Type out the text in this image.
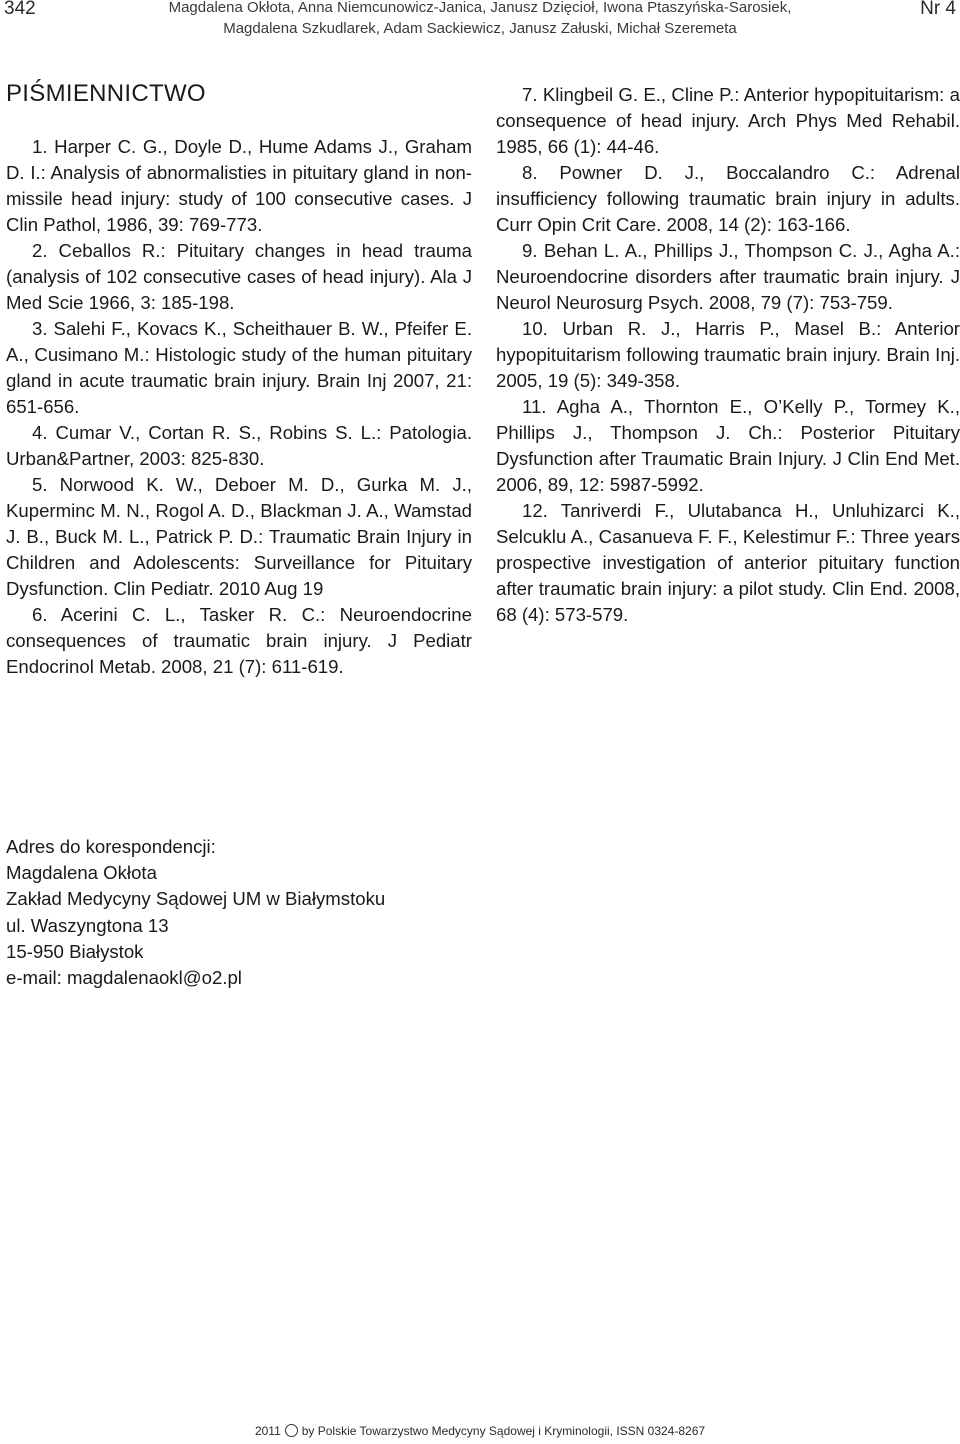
342	Magdalena Okłota, Anna Niemcunowicz-Janica, Janusz Dzięcioł, Iwona Ptaszyńska-Sarosiek,
Magdalena Szkudlarek, Adam Sackiewicz, Janusz Załuski, Michał Szeremeta
Nr 4
PIŚMIENNICTWO

1. Harper C. G., Doyle D., Hume Adams J., Graham D. I.: Analysis of abnormalisties in pituitary gland in non-missile head injury: study of 100 consecutive cases. J Clin Pathol, 1986, 39: 769-773.

2. Ceballos R.: Pituitary changes in head trauma (analysis of 102 consecutive cases of head injury). Ala J Med Scie 1966, 3: 185-198.

3. Salehi F., Kovacs K., Scheithauer B. W., Pfeifer E. A., Cusimano M.: Histologic study of the human pituitary gland in acute traumatic brain injury. Brain Inj 2007, 21: 651-656.

4. Cumar V., Cortan R. S., Robins S. L.: Patologia. Urban&Partner, 2003: 825-830.

5. Norwood K. W., Deboer M. D., Gurka M. J., Kuperminc M. N., Rogol A. D., Blackman J. A., Wamstad J. B., Buck M. L., Patrick P. D.: Traumatic Brain Injury in Children and Adolescents: Surveillance for Pituitary Dysfunction. Clin Pediatr. 2010 Aug 19

6. Acerini C. L., Tasker R. C.: Neuroendocrine consequences of traumatic brain injury. J Pediatr Endocrinol Metab. 2008, 21 (7): 611-619.

7. Klingbeil G. E., Cline P.: Anterior hypopituitarism: a consequence of head injury. Arch Phys Med Rehabil. 1985, 66 (1): 44-46.

8. Powner D. J., Boccalandro C.: Adrenal insufficiency following traumatic brain injury in adults. Curr Opin Crit Care. 2008, 14 (2): 163-166.

9. Behan L. A., Phillips J., Thompson C. J., Agha A.: Neuroendocrine disorders after traumatic brain injury. J Neurol Neurosurg Psych. 2008, 79 (7): 753-759.

10. Urban R. J., Harris P., Masel B.: Anterior hypopituitarism following traumatic brain injury. Brain Inj. 2005, 19 (5): 349-358.

11. Agha A., Thornton E., O’Kelly P., Tormey K., Phillips J., Thompson J. Ch.: Posterior Pituitary Dysfunction after Traumatic Brain Injury. J Clin End Met. 2006, 89, 12: 5987-5992.

12. Tanriverdi F., Ulutabanca H., Unluhizarci K., Selcuklu A., Casanueva F. F., Kelestimur F.: Three years prospective investigation of anterior pituitary function after traumatic brain injury: a pilot study. Clin End. 2008, 68 (4): 573-579.

Adres do korespondencji:
Magdalena Okłota
Zakład Medycyny Sądowej UM w Białymstoku
ul. Waszyngtona 13
15-950 Białystok
e-mail: magdalenaokl@o2.pl
2011 by Polskie Towarzystwo Medycyny Sądowej i Kryminologii, ISSN 0324-8267
